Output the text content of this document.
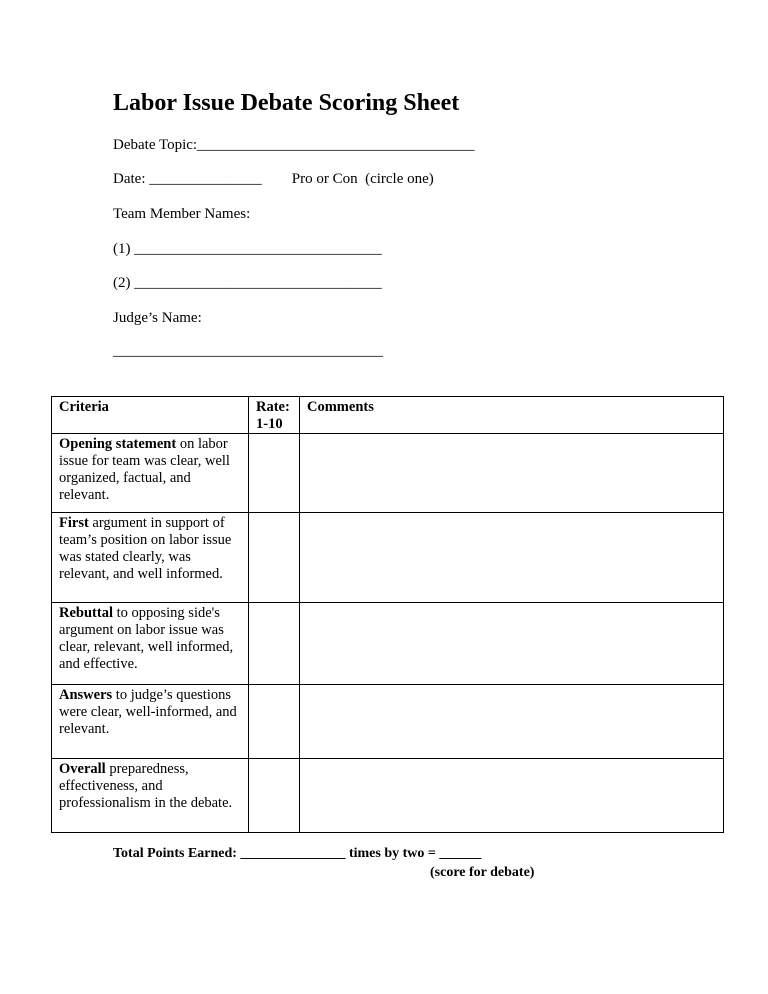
Labor Issue Debate Scoring Sheet
Debate Topic:_____________________________________
Date: _______________ Pro or Con  (circle one)
Team Member Names:
(1) _________________________________
(2) _________________________________
Judge’s Name:
____________________________________
Criteria	Rate: 1-10	Comments
Opening statement on labor issue for team was clear, well organized, factual, and relevant.		
First argument in support of team’s position on labor issue was stated clearly, was relevant, and well informed.		
Rebuttal to opposing side's argument on labor issue was clear, relevant, well informed, and effective.		
Answers to judge’s questions were clear, well-informed, and relevant.		
Overall preparedness, effectiveness, and professionalism in the debate.		
Total Points Earned: _______________ times by two = ______
(score for debate)
